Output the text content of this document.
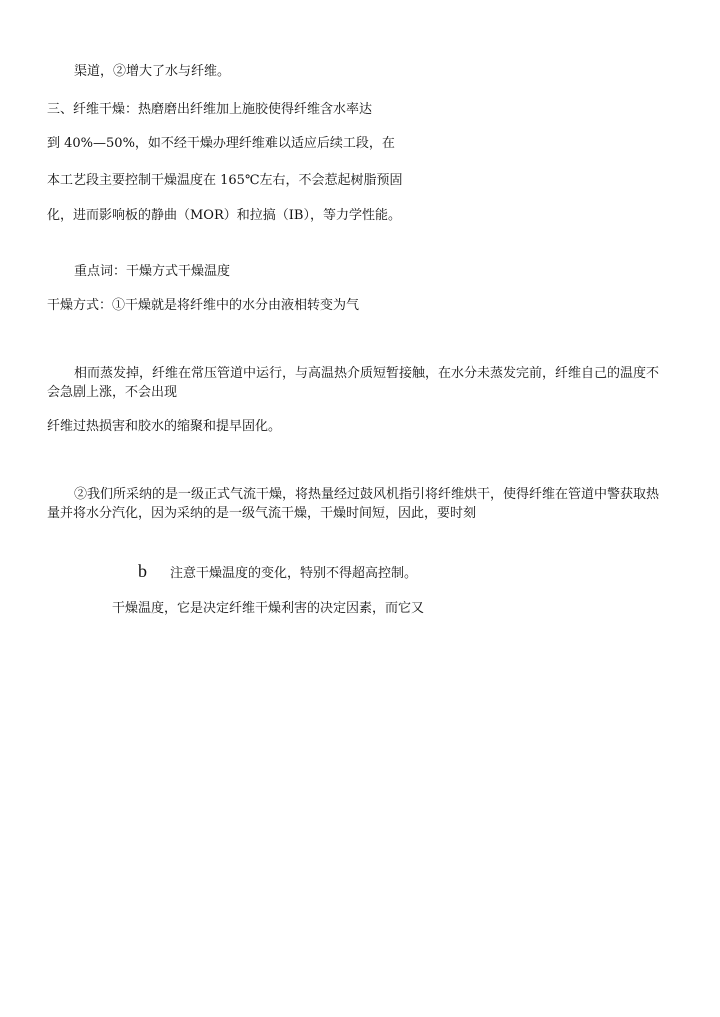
渠道，②增大了水与纤维。
三、纤维干燥：热磨磨出纤维加上施胶使得纤维含水率达
到 40%—50%，如不经干燥办理纤维难以适应后续工段，在
本工艺段主要控制干燥温度在 165℃左右，不会惹起树脂预固
化，进而影响板的静曲（MOR）和拉搞（IB），等力学性能。
重点词：干燥方式干燥温度
干燥方式：①干燥就是将纤维中的水分由液相转变为气
相而蒸发掉，纤维在常压管道中运行，与高温热介质短暂接触，在水分未蒸发完前，纤维自己的温度不会急剧上涨，不会出现
纤维过热损害和胶水的缩聚和提早固化。
②我们所采纳的是一级正式气流干燥，将热量经过鼓风机指引将纤维烘干，使得纤维在管道中警获取热量并将水分汽化，因为采纳的是一级气流干燥，干燥时间短，因此，要时刻
b 注意干燥温度的变化，特别不得超高控制。
干燥温度，它是决定纤维干燥利害的决定因素，而它又
